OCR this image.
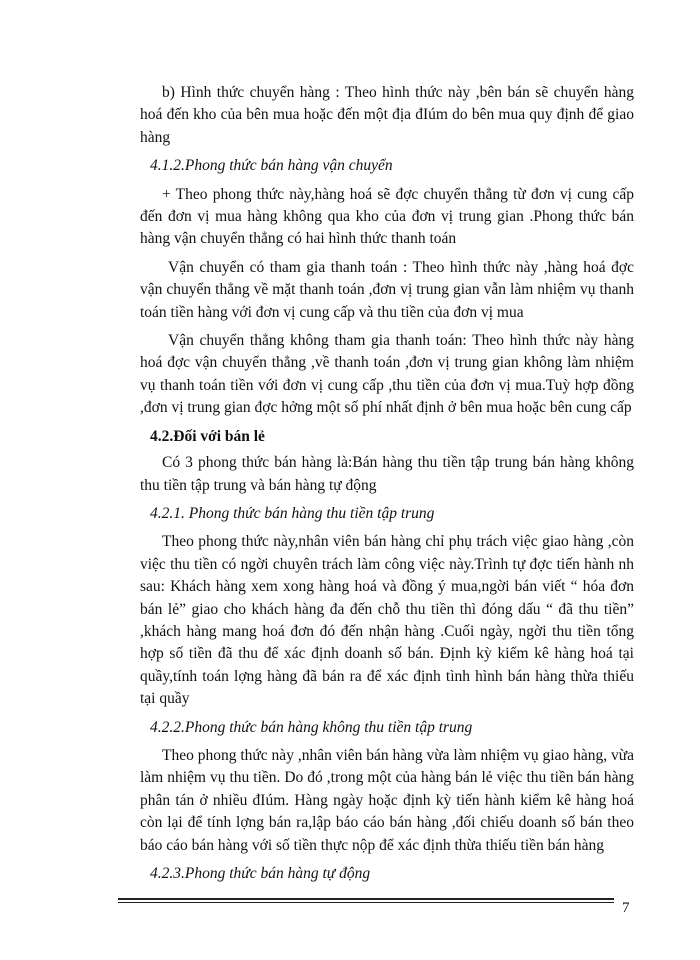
b) Hình thức chuyển hàng : Theo hình thức này ,bên bán sẽ chuyển hàng hoá đến kho của bên mua hoặc đến một địa đIúm do bên mua quy định để giao hàng

4.1.2.Phong thức bán hàng vận chuyển

+ Theo phong thức này,hàng hoá sẽ đợc chuyển thẳng từ đơn vị cung cấp đến đơn vị mua hàng không qua kho của đơn vị trung gian .Phong thức bán hàng vận chuyển thẳng có hai hình thức thanh toán

Vận chuyển có tham gia thanh toán : Theo hình thức này ,hàng hoá đợc vận chuyển thẳng về mặt thanh toán ,đơn vị trung gian vẫn làm nhiệm vụ thanh toán tiền hàng với đơn vị cung cấp và thu tiền của đơn vị mua

Vận chuyển thẳng không tham gia thanh toán: Theo hình thức này hàng hoá đợc vận chuyển thẳng ,về thanh toán ,đơn vị trung gian không làm nhiệm vụ thanh toán tiền với đơn vị cung cấp ,thu tiền của đơn vị mua.Tuỳ hợp đồng ,đơn vị trung gian đợc hởng một số phí nhất định ở bên mua hoặc bên cung cấp

4.2.Đối với bán lẻ

Có 3 phong thức bán hàng là:Bán hàng thu tiền tập trung bán hàng không thu tiền tập trung và bán hàng tự động

4.2.1. Phong thức bán hàng thu tiền tập trung

Theo phong thức này,nhân viên bán hàng chỉ phụ trách việc giao hàng ,còn việc thu tiền có ngời chuyên trách làm công việc này.Trình tự đợc tiến hành nh sau: Khách hàng xem xong hàng hoá và đồng ý mua,ngời bán viết “ hóa đơn bán lẻ” giao cho khách hàng đa đến chỗ thu tiền thì đóng dấu “ đã thu tiền” ,khách hàng mang hoá đơn đó đến nhận hàng .Cuối ngày, ngời thu tiền tổng hợp số tiền đã thu để xác định doanh số bán. Định kỳ kiểm kê hàng hoá tại quầy,tính toán lợng hàng đã bán ra để xác định tình hình bán hàng thừa thiếu tại quầy

4.2.2.Phong thức bán hàng không thu tiền tập trung

Theo phong thức này ,nhân viên bán hàng vừa làm nhiệm vụ giao hàng, vừa làm nhiệm vụ thu tiền. Do đó ,trong một của hàng bán lẻ việc thu tiền bán hàng phân tán ở nhiều đIúm. Hàng ngày hoặc định kỳ tiến hành kiểm kê hàng hoá còn lại để tính lợng bán ra,lập báo cáo bán hàng ,đối chiếu doanh số bán theo báo cáo bán hàng với số tiền thực nộp để xác định thừa thiếu tiền bán hàng

4.2.3.Phong thức bán hàng tự động

7
